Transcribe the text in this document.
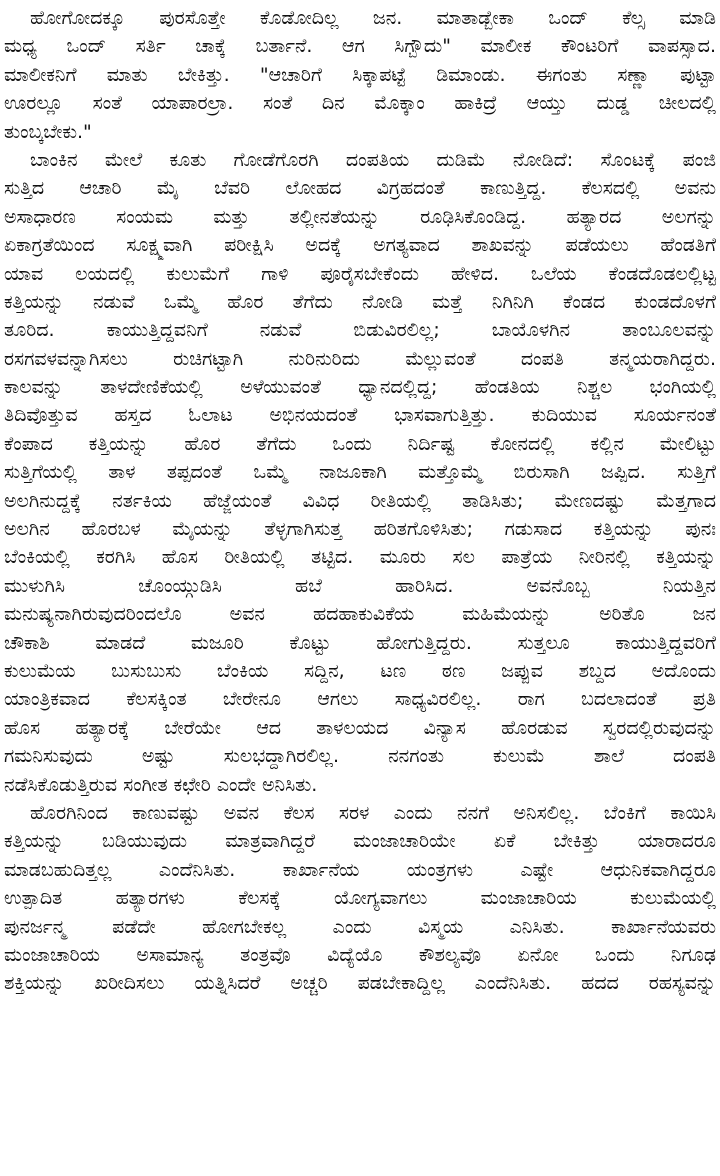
ಹೋಗೋದಕ್ಕೂ ಪುರಸೊತ್ತೇ ಕೊಡೋದಿಲ್ಲ ಜನ. ಮಾತಾಡ್ಬೇಕಾ ಒಂದ್ ಕೆಲ್ಸ ಮಾಡಿ
ಮಧ್ಯ ಒಂದ್ ಸರ್ತಿ ಚಾಕ್ಕೆ ಬರ್ತಾನೆ. ಆಗ ಸಿಗ್ಬೌದು" ಮಾಲೀಕ ಕೌಂಟರಿಗೆ ವಾಪಸ್ಸಾದ.
ಮಾಲೀಕನಿಗೆ ಮಾತು ಬೇಕಿತ್ತು. "ಆಚಾರಿಗೆ ಸಿಕ್ಕಾಪಟ್ಟೆ ಡಿಮಾಂಡು. ಈಗಂತು ಸಣ್ಣಾ ಪುಟ್ಟಾ
ಊರಲ್ಲೂ ಸಂತೆ ಯಾಪಾರಲ್ರಾ. ಸಂತೆ ದಿನ ಮೊಕ್ಕಾಂ ಹಾಕಿದ್ರೆ ಆಯ್ತು ದುಡ್ಡ ಚೀಲದಲ್ಲಿ
ತುಂಬ್ಕಬೇಕು."
ಬಾಂಕಿನ ಮೇಲೆ ಕೂತು ಗೋಡೆಗೊರಗಿ ದಂಪತಿಯ ದುಡಿಮೆ ನೋಡಿದೆ: ಸೊಂಟಕ್ಕೆ ಪಂಜಿ
ಸುತ್ತಿದ ಆಚಾರಿ ಮೈ ಬೆವರಿ ಲೋಹದ ವಿಗ್ರಹದಂತೆ ಕಾಣುತ್ತಿದ್ದ. ಕೆಲಸದಲ್ಲಿ ಅವನು
ಅಸಾಧಾರಣ ಸಂಯಮ ಮತ್ತು ತಲ್ಲೀನತೆಯನ್ನು ರೂಢಿಸಿಕೊಂಡಿದ್ದ. ಹತ್ಯಾರದ ಅಲಗನ್ನು
ಏಕಾಗ್ರತೆಯಿಂದ ಸೂಕ್ಷ್ಮವಾಗಿ ಪರೀಕ್ಷಿಸಿ ಅದಕ್ಕೆ ಅಗತ್ಯವಾದ ಶಾಖವನ್ನು ಪಡೆಯಲು ಹೆಂಡತಿಗೆ
ಯಾವ ಲಯದಲ್ಲಿ ಕುಲುಮೆಗೆ ಗಾಳಿ ಪೂರೈಸಬೇಕೆಂದು ಹೇಳಿದ. ಒಲೆಯ ಕೆಂಡದೊಡಲಲ್ಲಿಟ್ಟ
ಕತ್ತಿಯನ್ನು ನಡುವೆ ಒಮ್ಮೆ ಹೊರ ತೆಗೆದು ನೋಡಿ ಮತ್ತೆ ನಿಗಿನಿಗಿ ಕೆಂಡದ ಕುಂಡದೊಳಗೆ
ತೂರಿದ. ಕಾಯುತ್ತಿದ್ದವನಿಗೆ ನಡುವೆ ಬಿಡುವಿರಲಿಲ್ಲ; ಬಾಯೊಳಗಿನ ತಾಂಬೂಲವನ್ನು
ರಸಗವಳವನ್ನಾಗಿಸಲು ರುಚಿಗಟ್ಟಾಗಿ ನುರಿನುರಿದು ಮೆಲ್ಲುವಂತೆ ದಂಪತಿ ತನ್ಮಯರಾಗಿದ್ದರು.
ಕಾಲವನ್ನು ತಾಳದೇಣಿಕೆಯಲ್ಲಿ ಅಳೆಯುವಂತೆ ಧ್ಯಾನದಲ್ಲಿದ್ದ; ಹೆಂಡತಿಯ ನಿಶ್ಚಲ ಭಂಗಿಯಲ್ಲಿ
ತಿದಿವೊತ್ತುವ ಹಸ್ತದ ಓಲಾಟ ಅಭಿನಯದಂತೆ ಭಾಸವಾಗುತ್ತಿತ್ತು. ಕುದಿಯುವ ಸೂರ್ಯನಂತೆ
ಕೆಂಪಾದ ಕತ್ತಿಯನ್ನು ಹೊರ ತೆಗೆದು ಒಂದು ನಿರ್ದಿಷ್ಟ ಕೋನದಲ್ಲಿ ಕಲ್ಲಿನ ಮೇಲಿಟ್ಟು
ಸುತ್ತಿಗೆಯಲ್ಲಿ ತಾಳ ತಪ್ಪದಂತೆ ಒಮ್ಮೆ ನಾಜೂಕಾಗಿ ಮತ್ತೊಮ್ಮೆ ಬಿರುಸಾಗಿ ಜಪ್ಪಿದ. ಸುತ್ತಿಗೆ
ಅಲಗಿನುದ್ದಕ್ಕೆ ನರ್ತಕಿಯ ಹೆಜ್ಜೆಯಂತೆ ವಿವಿಧ ರೀತಿಯಲ್ಲಿ ತಾಡಿಸಿತು; ಮೇಣದಷ್ಟು ಮೆತ್ತಗಾದ
ಅಲಗಿನ ಹೊರಬಳ ಮೈಯನ್ನು ತೆಳ್ಳಗಾಗಿಸುತ್ತ ಹರಿತಗೊಳಿಸಿತು; ಗಡುಸಾದ ಕತ್ತಿಯನ್ನು ಪುನಃ
ಬೆಂಕಿಯಲ್ಲಿ ಕರಗಿಸಿ ಹೊಸ ರೀತಿಯಲ್ಲಿ ತಟ್ಟಿದ. ಮೂರು ಸಲ ಪಾತ್ರೆಯ ನೀರಿನಲ್ಲಿ ಕತ್ತಿಯನ್ನು
ಮುಳುಗಿಸಿ ಚೊಂಯ್ಗುಡಿಸಿ ಹಬೆ ಹಾರಿಸಿದ. ಅವನೊಬ್ಬ ನಿಯತ್ತಿನ
ಮನುಷ್ಯನಾಗಿರುವುದರಿಂದಲೊ ಅವನ ಹದಹಾಕುವಿಕೆಯ ಮಹಿಮೆಯನ್ನು ಅರಿತೊ ಜನ
ಚೌಕಾಶಿ ಮಾಡದೆ ಮಜೂರಿ ಕೊಟ್ಟು ಹೋಗುತ್ತಿದ್ದರು. ಸುತ್ತಲೂ ಕಾಯುತ್ತಿದ್ದವರಿಗೆ
ಕುಲುಮೆಯ ಬುಸುಬುಸು ಬೆಂಕಿಯ ಸದ್ದಿನ, ಟಣ ಠಣ ಜಪ್ಪುವ ಶಬ್ದದ ಅದೊಂದು
ಯಾಂತ್ರಿಕವಾದ ಕೆಲಸಕ್ಕಿಂತ ಬೇರೇನೂ ಆಗಲು ಸಾಧ್ಯವಿರಲಿಲ್ಲ. ರಾಗ ಬದಲಾದಂತೆ ಪ್ರತಿ
ಹೊಸ ಹತ್ಯಾರಕ್ಕೆ ಬೇರೆಯೇ ಆದ ತಾಳಲಯದ ವಿನ್ಯಾಸ ಹೊರಡುವ ಸ್ವರದಲ್ಲಿರುವುದನ್ನು
ಗಮನಿಸುವುದು ಅಷ್ಟು ಸುಲಭದ್ದಾಗಿರಲಿಲ್ಲ. ನನಗಂತು ಕುಲುಮೆ ಶಾಲೆ ದಂಪತಿ
ನಡೆಸಿಕೊಡುತ್ತಿರುವ ಸಂಗೀತ ಕಛೇರಿ ಎಂದೇ ಅನಿಸಿತು.
ಹೊರಗಿನಿಂದ ಕಾಣುವಷ್ಟು ಅವನ ಕೆಲಸ ಸರಳ ಎಂದು ನನಗೆ ಅನಿಸಲಿಲ್ಲ. ಬೆಂಕಿಗೆ ಕಾಯಿಸಿ
ಕತ್ತಿಯನ್ನು ಬಡಿಯುವುದು ಮಾತ್ರವಾಗಿದ್ದರೆ ಮಂಜಾಚಾರಿಯೇ ಏಕೆ ಬೇಕಿತ್ತು ಯಾರಾದರೂ
ಮಾಡಬಹುದಿತ್ತಲ್ಲ ಎಂದೆನಿಸಿತು. ಕಾರ್ಖಾನೆಯ ಯಂತ್ರಗಳು ಎಷ್ಟೇ ಆಧುನಿಕವಾಗಿದ್ದರೂ
ಉತ್ಪಾದಿತ ಹತ್ಯಾರಗಳು ಕೆಲಸಕ್ಕೆ ಯೋಗ್ಯವಾಗಲು ಮಂಜಾಚಾರಿಯ ಕುಲುಮೆಯಲ್ಲಿ
ಪುನರ್ಜನ್ಮ ಪಡೆದೇ ಹೋಗಬೇಕಲ್ಲ ಎಂದು ವಿಸ್ಮಯ ಎನಿಸಿತು. ಕಾರ್ಖಾನೆಯವರು
ಮಂಜಾಚಾರಿಯ ಅಸಾಮಾನ್ಯ ತಂತ್ರವೊ ವಿದ್ಯೆಯೊ ಕೌಶಲ್ಯವೊ ಏನೋ ಒಂದು ನಿಗೂಢ
ಶಕ್ತಿಯನ್ನು ಖರೀದಿಸಲು ಯತ್ನಿಸಿದರೆ ಅಚ್ಚರಿ ಪಡಬೇಕಾದ್ದಿಲ್ಲ ಎಂದೆನಿಸಿತು. ಹದದ ರಹಸ್ಯವನ್ನು
